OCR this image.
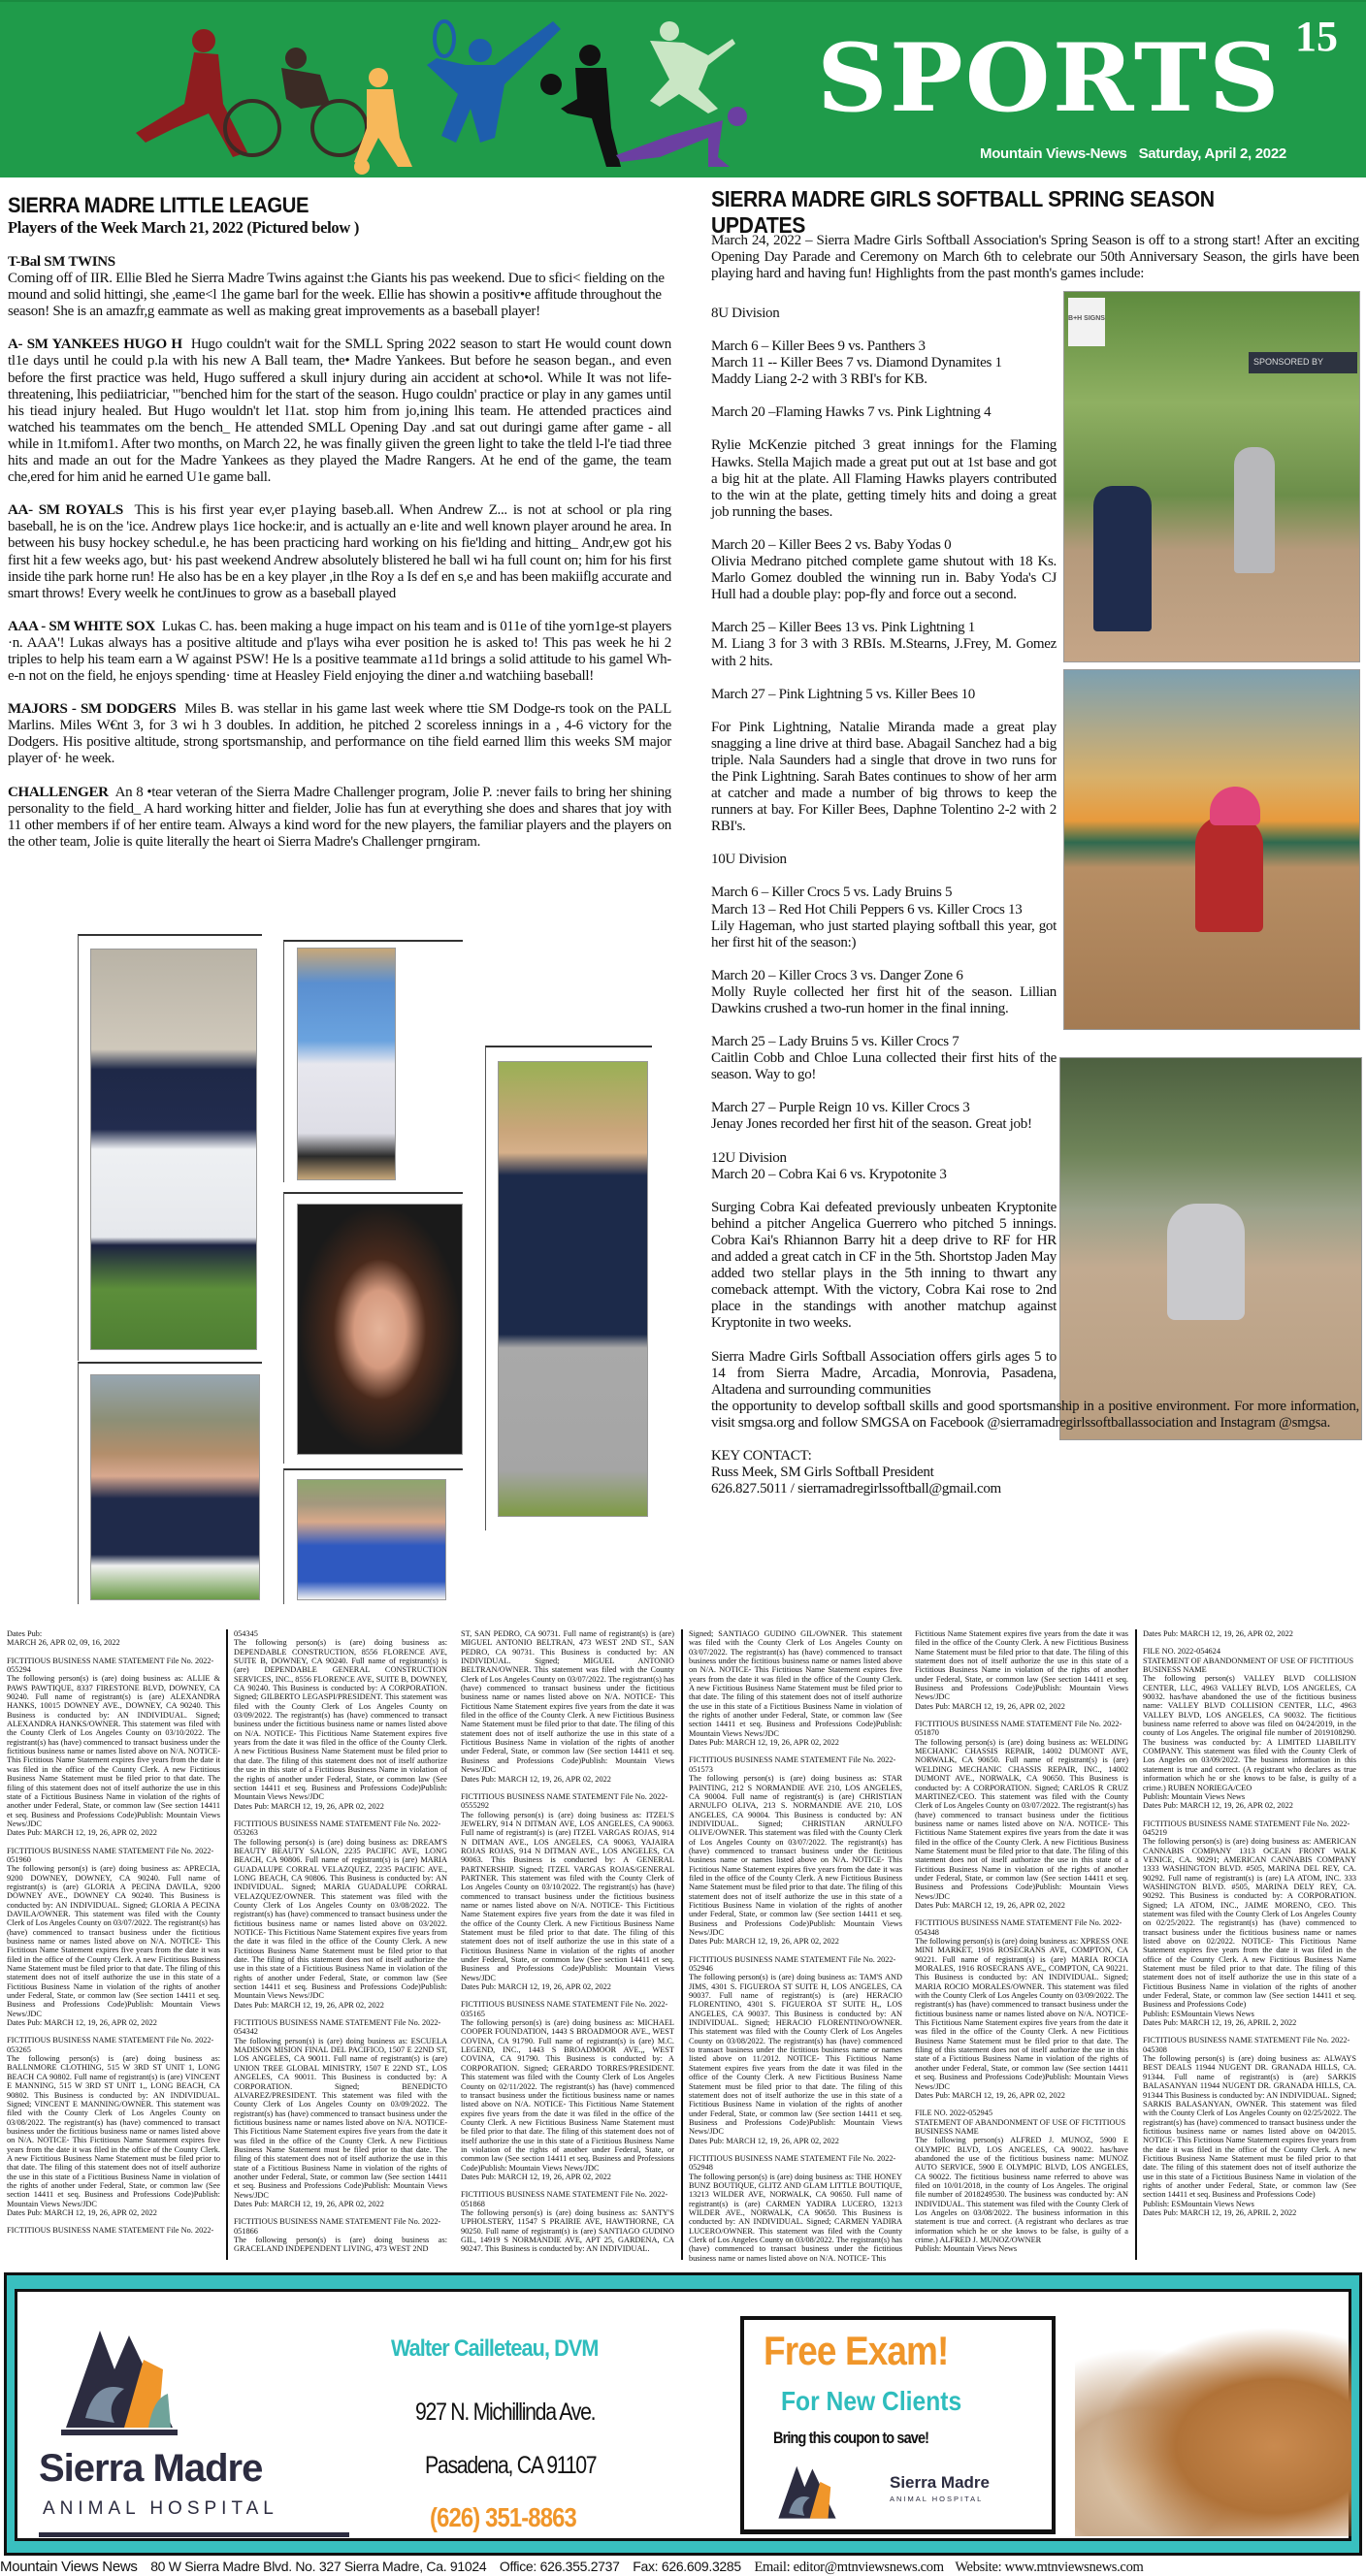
SPORTS 15
Mountain Views-News Saturday, April 2, 2022
SIERRA MADRE LITTLE LEAGUE
Players of the Week March 21, 2022 (Pictured below )

T-Bal SM TWINS
Coming off of IIR. Ellie Bled he Sierra Madre Twins against t:he Giants his pas weekend. Due to sfici< fielding on the mound and solid hittingi, she ,eame<l 1he game barl for the week. Ellie has showin a positiv•e affitude throughout the season! She is an amazfr,g eammate as well as making great improvements as a baseball player!

A- SM YANKEES HUGO H Hugo couldn't wait for the SMLL Spring 2022 season to start He would count down tl1e days until he could p.la with his new A Ball team, the• Madre Yankees. But before he season began., and even before the first practice was held, Hugo suffered a skull injury during ain accident at scho•ol. While It was not life-threatening, lhis pediiatriciar, '"benched him for the start of the season. Hugo couldn' practice or play in any games until his tiead injury healed. But Hugo wouldn't let l1at. stop him from jo,ining lhis team. He attended practices aind watched his teammates om the bench_ He attended SMLL Opening Day .and sat out duringi game after game - all while in 1t.mifom1. After two months, on March 22, he was finally giiven the green light to take the tleld l-l'e tiad three hits and made an out for the Madre Yankees as they played the Madre Rangers. At he end of the game, the team che,ered for him anid he earned U1e game ball.

AA- SM ROYALS This is his first year ev,er p1aying baseb.all. When Andrew Z... is not at school or pla ring baseball, he is on the 'ice. Andrew plays 1ice hocke:ir, and is actually an e·lite and well known player around he area. In between his busy hockey schedul.e, he has been practicing hard working on his fie'lding and hitting_ Andr,ew got his first hit a few weeks ago, but· his past weekend Andrew absolutely blistered he ball wi ha full count on; him for his first inside tihe park horne run! He also has be en a key player ,in tlhe Roy a Is def en s,e and has been makiiflg accurate and smart throws! Every weelk he contJinues to grow as a baseball played

AAA - SM WHITE SOX Lukas C. has. been making a huge impact on his team and is 011e of tihe yorn1ge-st players ·n. AAA'! Lukas always has a positive altitude and p'lays wiha ever position he is asked to! This pas week he hi 2 triples to help his team earn a W against PSW! He ls a positive teammate a11d brings a solid attitude to his gamel Wh-e-n not on the field, he enjoys spending· time at Heasley Field enjoying the diner a.nd watchiing baseball!

MAJORS - SM DODGERS Miles B. was stellar in his game last week where ttie SM Dodge-rs took on the PALL Marlins. Miles W€nt 3, for 3 wi h 3 doubles. In addition, he pitched 2 scoreless innings in a , 4-6 victory for the Dodgers. His positive altitude, strong sportsmanship, and performance on tihe field earned llim this weeks SM major player of· he week.

CHALLENGER An 8 •tear veteran of the Sierra Madre Challenger program, Jolie P. :never fails to bring her shining personality to the field_ A hard working hitter and fielder, Jolie has fun at everything she does and shares that joy with 11 other members if of her entire team. Always a kind word for the new players, the familiar players and the players on the other team, Jolie is quite literally the heart oi Sierra Madre's Challenger prngiram.

B+H SIGNS
SPONSORED BY
SIERRA MADRE GIRLS SOFTBALL SPRING SEASON UPDATES
March 24, 2022 – Sierra Madre Girls Softball Association's Spring Season is off to a strong start! After an exciting Opening Day Parade and Ceremony on March 6th to celebrate our 50th Anniversary Season, the girls have been playing hard and having fun! Highlights from the past month's games include:

8U Division

March 6 – Killer Bees 9 vs. Panthers 3
March 11 -- Killer Bees 7 vs. Diamond Dynamites 1
Maddy Liang 2-2 with 3 RBI's for KB.

March 20 –Flaming Hawks 7 vs. Pink Lightning 4

Rylie McKenzie pitched 3 great innings for the Flaming Hawks. Stella Majich made a great put out at 1st base and got a big hit at the plate. All Flaming Hawks players contributed to the win at the plate, getting timely hits and doing a great job running the bases.

March 20 – Killer Bees 2 vs. Baby Yodas 0
Olivia Medrano pitched complete game shutout with 18 Ks. Marlo Gomez doubled the winning run in. Baby Yoda's CJ Hull had a double play: pop-fly and force out a second.

March 25 – Killer Bees 13 vs. Pink Lightning 1
M. Liang 3 for 3 with 3 RBIs. M.Stearns, J.Frey, M. Gomez with 2 hits.

March 27 – Pink Lightning 5 vs. Killer Bees 10

For Pink Lightning, Natalie Miranda made a great play snagging a line drive at third base. Abagail Sanchez had a big triple. Nala Saunders had a single that drove in two runs for the Pink Lightning. Sarah Bates continues to show of her arm at catcher and made a number of big throws to keep the runners at bay. For Killer Bees, Daphne Tolentino 2-2 with 2 RBI's.

10U Division

March 6 – Killer Crocs 5 vs. Lady Bruins 5
March 13 – Red Hot Chili Peppers 6 vs. Killer Crocs 13
Lily Hageman, who just started playing softball this year, got her first hit of the season:)

March 20 – Killer Crocs 3 vs. Danger Zone 6
Molly Ruyle collected her first hit of the season. Lillian Dawkins crushed a two-run homer in the final inning.

March 25 – Lady Bruins 5 vs. Killer Crocs 7
Caitlin Cobb and Chloe Luna collected their first hits of the season. Way to go!

March 27 – Purple Reign 10 vs. Killer Crocs 3
Jenay Jones recorded her first hit of the season. Great job!

12U Division
March 20 – Cobra Kai 6 vs. Krypotonite 3

Surging Cobra Kai defeated previously unbeaten Kryptonite behind a pitcher Angelica Guerrero who pitched 5 innings. Cobra Kai's Rhiannon Barry hit a deep drive to RF for HR and added a great catch in CF in the 5th. Shortstop Jaden May added two stellar plays in the 5th inning to thwart any comeback attempt. With the victory, Cobra Kai rose to 2nd place in the standings with another matchup against Kryptonite in two weeks.

Sierra Madre Girls Softball Association offers girls ages 5 to 14 from Sierra Madre, Arcadia, Monrovia, Pasadena, Altadena and surrounding communities

the opportunity to develop softball skills and good sportsmanship in a positive environment. For more information, visit smgsa.org and follow SMGSA on Facebook @sierramadregirlssoftballassociation and Instagram @smgsa.

KEY CONTACT:
Russ Meek, SM Girls Softball President
626.827.5011 / sierramadregirlssoftball@gmail.com
Dates Pub:
MARCH 26, APR 02, 09, 16, 2022
FICTITIOUS BUSINESS NAME STATEMENT File No. 2022-055294
The following person(s) is (are) doing business as: ALLIE & PAWS PAWTIQUE, 8337 FIRESTONE BLVD, DOWNEY, CA 90240. Full name of registrant(s) is (are) ALEXANDRA HANKS, 10015 DOWNEY AVE., DOWNEY, CA 90240. This Business is conducted by: AN INDIVIDUAL. Signed; ALEXANDRA HANKS/OWNER. This statement was filed with the County Clerk of Los Angeles County on 03/10/2022. The registrant(s) has (have) commenced to transact business under the fictitious business name or names listed above on N/A. NOTICE- This Fictitious Name Statement expires five years from the date it was filed in the office of the County Clerk. A new Fictitious Business Name Statement must be filed prior to that date. The filing of this statement does not of itself authorize the use in this state of a Fictitious Business Name in violation of the rights of another under Federal, State, or common law (See section 14411 et seq. Business and Professions Code)Publish: Mountain Views News/JDC
Dates Pub: MARCH 12, 19, 26, APR 02, 2022
FICTITIOUS BUSINESS NAME STATEMENT File No. 2022-051960
The following person(s) is (are) doing business as: APRECIA, 9200 DOWNEY, DOWNEY, CA 90240. Full name of registrant(s) is (are) GLORIA A PECINA DAVILA, 9200 DOWNEY AVE., DOWNEY CA 90240. This Business is conducted by: AN INDIVIDUAL. Signed; GLORIA A PECINA DAVILA/OWNER. This statement was filed with the County Clerk of Los Angeles County on 03/07/2022. The registrant(s) has (have) commenced to transact business under the fictitious business name or names listed above on N/A. NOTICE- This Fictitious Name Statement expires five years from the date it was filed in the office of the County Clerk. A new Fictitious Business Name Statement must be filed prior to that date. The filing of this statement does not of itself authorize the use in this state of a Fictitious Business Name in violation of the rights of another under Federal, State, or common law (See section 14411 et seq. Business and Professions Code)Publish: Mountain Views News/JDC
Dates Pub: MARCH 12, 19, 26, APR 02, 2022
FICTITIOUS BUSINESS NAME STATEMENT File No. 2022-053265
The following person(s) is (are) doing business as: BALLNMORE CLOTHING, 515 W 3RD ST UNIT 1, LONG BEACH CA 90802. Full name of registrant(s) is (are) VINCENT E MANNING, 515 W 3RD ST UNIT 1,, LONG BEACH, CA 90802. This Business is conducted by: AN INDIVIDUAL. Signed; VINCENT E MANNING/OWNER. This statement was filed with the County Clerk of Los Angeles County on 03/08/2022. The registrant(s) has (have) commenced to transact business under the fictitious business name or names listed above on N/A. NOTICE- This Fictitious Name Statement expires five years from the date it was filed in the office of the County Clerk. A new Fictitious Business Name Statement must be filed prior to that date. The filing of this statement does not of itself authorize the use in this state of a Fictitious Business Name in violation of the rights of another under Federal, State, or common law (See section 14411 et seq. Business and Professions Code)Publish: Mountain Views News/JDC
Dates Pub: MARCH 12, 19, 26, APR 02, 2022
FICTITIOUS BUSINESS NAME STATEMENT File No. 2022-
054345
The following person(s) is (are) doing business as: DEPENDABLE CONSTRUCTION, 8556 FLORENCE AVE, SUITE B, DOWNEY, CA 90240. Full name of registrant(s) is (are) DEPENDABLE GENERAL CONSTRUCTION SERVICES, INC., 8556 FLORENCE AVE, SUITE B, DOWNEY, CA 90240. This Business is conducted by: A CORPORATION. Signed; GILBERTO LEGASPI/PRESIDENT. This statement was filed with the County Clerk of Los Angeles County on 03/09/2022. The registrant(s) has (have) commenced to transact business under the fictitious business name or names listed above on N/A. NOTICE- This Fictitious Name Statement expires five years from the date it was filed in the office of the County Clerk. A new Fictitious Business Name Statement must be filed prior to that date. The filing of this statement does not of itself authorize the use in this state of a Fictitious Business Name in violation of the rights of another under Federal, State, or common law (See section 14411 et seq. Business and Professions Code)Publish: Mountain Views News/JDC
Dates Pub: MARCH 12, 19, 26, APR 02, 2022
FICTITIOUS BUSINESS NAME STATEMENT File No. 2022-053263
The following person(s) is (are) doing business as: DREAM'S BEAUTY BEAUTY SALON, 2235 PACIFIC AVE, LONG BEACH, CA 90806. Full name of registrant(s) is (are) MARIA GUADALUPE CORRAL VELAZQUEZ, 2235 PACIFIC AVE., LONG BEACH, CA 90806. This Business is conducted by: AN INDIVIDUAL. Signed; MARIA GUADALUPE CORRAL VELAZQUEZ/OWNER. This statement was filed with the County Clerk of Los Angeles County on 03/08/2022. The registrant(s) has (have) commenced to transact business under the fictitious business name or names listed above on 03/2022. NOTICE- This Fictitious Name Statement expires five years from the date it was filed in the office of the County Clerk. A new Fictitious Business Name Statement must be filed prior to that date. The filing of this statement does not of itself authorize the use in this state of a Fictitious Business Name in violation of the rights of another under Federal, State, or common law (See section 14411 et seq. Business and Professions Code)Publish: Mountain Views News/JDC
Dates Pub: MARCH 12, 19, 26, APR 02, 2022
FICTITIOUS BUSINESS NAME STATEMENT File No. 2022-054342
The following person(s) is (are) doing business as: ESCUELA MADISON MISION FINAL DEL PACIFICO, 1507 E 22ND ST, LOS ANGELES, CA 90011. Full name of registrant(s) is (are) UNION TREE GLOBAL MINISTRY, 1507 E 22ND ST., LOS ANGELES, CA 90011. This Business is conducted by: A CORPORATION. Signed; BENEDICTO ALVAREZ/PRESIDENT. This statement was filed with the County Clerk of Los Angeles County on 03/09/2022. The registrant(s) has (have) commenced to transact business under the fictitious business name or names listed above on N/A. NOTICE- This Fictitious Name Statement expires five years from the date it was filed in the office of the County Clerk. A new Fictitious Business Name Statement must be filed prior to that date. The filing of this statement does not of itself authorize the use in this state of a Fictitious Business Name in violation of the rights of another under Federal, State, or common law (See section 14411 et seq. Business and Professions Code)Publish: Mountain Views News/JDC
Dates Pub: MARCH 12, 19, 26, APR 02, 2022
FICTITIOUS BUSINESS NAME STATEMENT File No. 2022-051866
The following person(s) is (are) doing business as: GRACELAND INDEPENDENT LIVING, 473 WEST 2ND
ST, SAN PEDRO, CA 90731. Full name of registrant(s) is (are) MIGUEL ANTONIO BELTRAN, 473 WEST 2ND ST., SAN PEDRO, CA 90731. This Business is conducted by: AN INDIVIDUAL. Signed; MIGUEL ANTONIO BELTRAN/OWNER. This statement was filed with the County Clerk of Los Angeles County on 03/07/2022. The registrant(s) has (have) commenced to transact business under the fictitious business name or names listed above on N/A. NOTICE- This Fictitious Name Statement expires five years from the date it was filed in the office of the County Clerk. A new Fictitious Business Name Statement must be filed prior to that date. The filing of this statement does not of itself authorize the use in this state of a Fictitious Business Name in violation of the rights of another under Federal, State, or common law (See section 14411 et seq. Business and Professions Code)Publish: Mountain Views News/JDC
Dates Pub: MARCH 12, 19, 26, APR 02, 2022
FICTITIOUS BUSINESS NAME STATEMENT File No. 2022-0555292
The following person(s) is (are) doing business as: ITZEL'S JEWELRY, 914 N DITMAN AVE, LOS ANGELES, CA 90063. Full name of registrant(s) is (are) ITZEL VARGAS ROJAS, 914 N DITMAN AVE., LOS ANGELES, CA 90063, YAJAIRA ROJAS ROJAS, 914 N DITMAN AVE., LOS ANGELES, CA 90063. This Business is conducted by: A GENERAL PARTNERSHIP. Signed; ITZEL VARGAS ROJAS/GENERAL PARTNER. This statement was filed with the County Clerk of Los Angeles County on 03/10/2022. The registrant(s) has (have) commenced to transact business under the fictitious business name or names listed above on N/A. NOTICE- This Fictitious Name Statement expires five years from the date it was filed in the office of the County Clerk. A new Fictitious Business Name Statement must be filed prior to that date. The filing of this statement does not of itself authorize the use in this state of a Fictitious Business Name in violation of the rights of another under Federal, State, or common law (See section 14411 et seq. Business and Professions Code)Publish: Mountain Views News/JDC
Dates Pub: MARCH 12, 19, 26, APR 02, 2022
FICTITIOUS BUSINESS NAME STATEMENT File No. 2022-035165
The following person(s) is (are) doing business as: MICHAEL COOPER FOUNDATION, 1443 S BROADMOOR AVE., WEST COVINA, CA 91790. Full name of registrant(s) is (are) M.C. LEGEND, INC., 1443 S BROADMOOR AVE.,, WEST COVINA, CA 91790. This Business is conducted by: A CORPORATION. Signed; GERARDO TORRES/PRESIDENT. This statement was filed with the County Clerk of Los Angeles County on 02/11/2022. The registrant(s) has (have) commenced to transact business under the fictitious business name or names listed above on N/A. NOTICE- This Fictitious Name Statement expires five years from the date it was filed in the office of the County Clerk. A new Fictitious Business Name Statement must be filed prior to that date. The filing of this statement does not of itself authorize the use in this state of a Fictitious Business Name in violation of the rights of another under Federal, State, or common law (See section 14411 et seq. Business and Professions Code)Publish: Mountain Views News/JDC
Dates Pub: MARCH 12, 19, 26, APR 02, 2022
FICTITIOUS BUSINESS NAME STATEMENT File No. 2022-051868
The following person(s) is (are) doing business as: SANTY'S UPHOLSTERY, 11547 S PRAIRIE AVE, HAWTHORNE, CA 90250. Full name of registrant(s) is (are) SANTIAGO GUDINO GIL, 14919 S NORMANDIE AVE, APT 25, GARDENA, CA 90247. This Business is conducted by: AN INDIVIDUAL.
Signed; SANTIAGO GUDINO GIL/OWNER. This statement was filed with the County Clerk of Los Angeles County on 03/07/2022. The registrant(s) has (have) commenced to transact business under the fictitious business name or names listed above on N/A. NOTICE- This Fictitious Name Statement expires five years from the date it was filed in the office of the County Clerk. A new Fictitious Business Name Statement must be filed prior to that date. The filing of this statement does not of itself authorize the use in this state of a Fictitious Business Name in violation of the rights of another under Federal, State, or common law (See section 14411 et seq. Business and Professions Code)Publish: Mountain Views News/JDC
Dates Pub: MARCH 12, 19, 26, APR 02, 2022
FICTITIOUS BUSINESS NAME STATEMENT File No. 2022-051573
The following person(s) is (are) doing business as: STAR PAINTING, 212 S NORMANDIE AVE 210, LOS ANGELES, CA 90004. Full name of registrant(s) is (are) CHRISTIAN ARNULFO OLIVA, 213 S. NORMANDIE AVE 210, LOS ANGELES, CA 90004. This Business is conducted by: AN INDIVIDUAL. Signed; CHRISTIAN ARNULFO OLIVE/OWNER. This statement was filed with the County Clerk of Los Angeles County on 03/07/2022. The registrant(s) has (have) commenced to transact business under the fictitious business name or names listed above on N/A. NOTICE- This Fictitious Name Statement expires five years from the date it was filed in the office of the County Clerk. A new Fictitious Business Name Statement must be filed prior to that date. The filing of this statement does not of itself authorize the use in this state of a Fictitious Business Name in violation of the rights of another under Federal, State, or common law (See section 14411 et seq. Business and Professions Code)Publish: Mountain Views News/JDC
Dates Pub: MARCH 12, 19, 26, APR 02, 2022
FICTITIOUS BUSINESS NAME STATEMENT File No. 2022-052946
The following person(s) is (are) doing business as: TAM'S AND JIMS, 4301 S. FIGUEROA ST SUITE H, LOS ANGELES, CA 90037. Full name of registrant(s) is (are) HERACIO FLORENTINO, 4301 S. FIGUEROA ST SUITE H,, LOS ANGELES, CA 90037. This Business is conducted by: AN INDIVIDUAL. Signed; HERACIO FLORENTINO/OWNER. This statement was filed with the County Clerk of Los Angeles County on 03/08/2022. The registrant(s) has (have) commenced to transact business under the fictitious business name or names listed above on 11/2012. NOTICE- This Fictitious Name Statement expires five years from the date it was filed in the office of the County Clerk. A new Fictitious Business Name Statement must be filed prior to that date. The filing of this statement does not of itself authorize the use in this state of a Fictitious Business Name in violation of the rights of another under Federal, State, or common law (See section 14411 et seq. Business and Professions Code)Publish: Mountain Views News/JDC
Dates Pub: MARCH 12, 19, 26, APR 02, 2022
FICTITIOUS BUSINESS NAME STATEMENT File No. 2022-052948
The following person(s) is (are) doing business as: THE HONEY BUNZ BOUTIQUE, GLITZ AND GLAM LITTLE BOUTIQUE, 13213 WILDER AVE, NORWALK, CA 90650. Full name of registrant(s) is (are) CARMEN YADIRA LUCERO, 13213 WILDER AVE., NORWALK, CA 90650. This Business is conducted by: AN INDIVIDUAL. Signed; CARMEN YADIRA LUCERO/OWNER. This statement was filed with the County Clerk of Los Angeles County on 03/08/2022. The registrant(s) has (have) commenced to transact business under the fictitious business name or names listed above on N/A. NOTICE- This
Fictitious Name Statement expires five years from the date it was filed in the office of the County Clerk. A new Fictitious Business Name Statement must be filed prior to that date. The filing of this statement does not of itself authorize the use in this state of a Fictitious Business Name in violation of the rights of another under Federal, State, or common law (See section 14411 et seq. Business and Professions Code)Publish: Mountain Views News/JDC
Dates Pub: MARCH 12, 19, 26, APR 02, 2022
FICTITIOUS BUSINESS NAME STATEMENT File No. 2022-051870
The following person(s) is (are) doing business as: WELDING MECHANIC CHASSIS REPAIR, 14002 DUMONT AVE, NORWALK, CA 90650. Full name of registrant(s) is (are) WELDING MECHANIC CHASSIS REPAIR, INC., 14002 DUMONT AVE., NORWALK, CA 90650. This Business is conducted by: A CORPORATION. Signed; CARLOS R CRUZ MARTINEZ/CEO. This statement was filed with the County Clerk of Los Angeles County on 03/07/2022. The registrant(s) has (have) commenced to transact business under the fictitious business name or names listed above on N/A. NOTICE- This Fictitious Name Statement expires five years from the date it was filed in the office of the County Clerk. A new Fictitious Business Name Statement must be filed prior to that date. The filing of this statement does not of itself authorize the use in this state of a Fictitious Business Name in violation of the rights of another under Federal, State, or common law (See section 14411 et seq. Business and Professions Code)Publish: Mountain Views News/JDC
Dates Pub: MARCH 12, 19, 26, APR 02, 2022
FICTITIOUS BUSINESS NAME STATEMENT File No. 2022-054348
The following person(s) is (are) doing business as: XPRESS ONE MINI MARKET, 1916 ROSECRANS AVE, COMPTON, CA 90221. Full name of registrant(s) is (are) MARIA ROCIA MORALES, 1916 ROSECRANS AVE,, COMPTON, CA 90221. This Business is conducted by: AN INDIVIDUAL. Signed; MARIA ROCIO MORALES/OWNER. This statement was filed with the County Clerk of Los Angeles County on 03/09/2022. The registrant(s) has (have) commenced to transact business under the fictitious business name or names listed above on N/A. NOTICE- This Fictitious Name Statement expires five years from the date it was filed in the office of the County Clerk. A new Fictitious Business Name Statement must be filed prior to that date. The filing of this statement does not of itself authorize the use in this state of a Fictitious Business Name in violation of the rights of another under Federal, State, or common law (See section 14411 et seq. Business and Professions Code)Publish: Mountain Views News/JDC
Dates Pub: MARCH 12, 19, 26, APR 02, 2022
FILE NO. 2022-052945
STATEMENT OF ABANDONMENT OF USE OF FICTITIOUS BUSINESS NAME
The following person(s) ALFRED J. MUNOZ, 5900 E OLYMPIC BLVD, LOS ANGELES, CA 90022. has/have abandoned the use of the fictitious business name: MUNOZ AUTO SERVICE, 5900 E OLYMPIC BLVD, LOS ANGELES, CA 90022. The fictitious business name referred to above was filed on 10/01/2018, in the county of Los Angeles. The original file number of 2018249530. The business was conducted by: AN INDIVIDUAL. This statement was filed with the County Clerk of Los Angeles on 03/08/2022. The business information in this statement is true and correct. (A registrant who declares as true information which he or she knows to be false, is guilty of a crime.) ALFRED J. MUNOZ/OWNER
Publish: Mountain Views News
Dates Pub: MARCH 12, 19, 26, APR 02, 2022
FILE NO. 2022-054624
STATEMENT OF ABANDONMENT OF USE OF FICTITIOUS BUSINESS NAME
The following person(s) VALLEY BLVD COLLISION CENTER, LLC, 4963 VALLEY BLVD, LOS ANGELES, CA 90032. has/have abandoned the use of the fictitious business name: VALLEY BLVD COLLISION CENTER, LLC, 4963 VALLEY BLVD, LOS ANGELES, CA 90032. The fictitious business name referred to above was filed on 04/24/2019, in the county of Los Angeles. The original file number of 2019108290. The business was conducted by: A LIMITED LIABILITY COMPANY. This statement was filed with the County Clerk of Los Angeles on 03/09/2022. The business information in this statement is true and correct. (A registrant who declares as true information which he or she knows to be false, is guilty of a crime.) RUBEN NORIEGA/CEO
Publish: Mountain Views News
Dates Pub: MARCH 12, 19, 26, APR 02, 2022
FICTITIOUS BUSINESS NAME STATEMENT File No. 2022-045219
The following person(s) is (are) doing business as: AMERICAN CANNABIS COMPANY 1313 OCEAN FRONT WALK VENICE, CA. 90291; AMERICAN CANNABIS COMPANY 1333 WASHINGTON BLVD. #505, MARINA DEL REY, CA. 90292. Full name of registrant(s) is (are) LA ATOM, INC. 333 WASHINGTON BLVD. #505, MARINA DELY REY, CA. 90292. This Business is conducted by: A CORPORATION. Signed; LA ATOM, INC., JAIME MORENO, CEO. This statement was filed with the County Clerk of Los Angeles County on 02/25/2022. The registrant(s) has (have) commenced to transact business under the fictitious business name or names listed above on 02/2022. NOTICE- This Fictitious Name Statement expires five years from the date it was filed in the office of the County Clerk. A new Fictitious Business Name Statement must be filed prior to that date. The filing of this statement does not of itself authorize the use in this state of a Fictitious Business Name in violation of the rights of another under Federal, State, or common law (See section 14411 et seq. Business and Professions Code)
Publish: ESMountain Views News
Dates Pub: MARCH 12, 19, 26, APRIL 2, 2022
FICTITIOUS BUSINESS NAME STATEMENT File No. 2022-045308
The following person(s) is (are) doing business as: ALWAYS BEST DEALS 11944 NUGENT DR. GRANADA HILLS, CA. 91344. Full name of registrant(s) is (are) SARKIS BALASANYAN 11944 NUGENT DR. GRANADA HILLS, CA. 91344 This Business is conducted by: AN INDIVIDUAL. Signed; SARKIS BALASANYAN, OWNER. This statement was filed with the County Clerk of Los Angeles County on 02/25/2022. The registrant(s) has (have) commenced to transact business under the fictitious business name or names listed above on 04/2015. NOTICE- This Fictitious Name Statement expires five years from the date it was filed in the office of the County Clerk. A new Fictitious Business Name Statement must be filed prior to that date. The filing of this statement does not of itself authorize the use in this state of a Fictitious Business Name in violation of the rights of another under Federal, State, or common law (See section 14411 et seq. Business and Professions Code)
Publish: ESMountain Views News
Dates Pub: MARCH 12, 19, 26, APRIL 2, 2022
Sierra Madre
ANIMAL HOSPITAL
Walter Cailleteau, DVM
927 N. Michillinda Ave.
Pasadena, CA 91107
(626) 351-8863
Free Exam!
For New Clients
Bring this coupon to save!
Sierra Madre
ANIMAL HOSPITAL
Mountain Views News 80 W Sierra Madre Blvd. No. 327 Sierra Madre, Ca. 91024 Office: 626.355.2737 Fax: 626.609.3285 Email: editor@mtnviewsnews.com Website: www.mtnviewsnews.com
